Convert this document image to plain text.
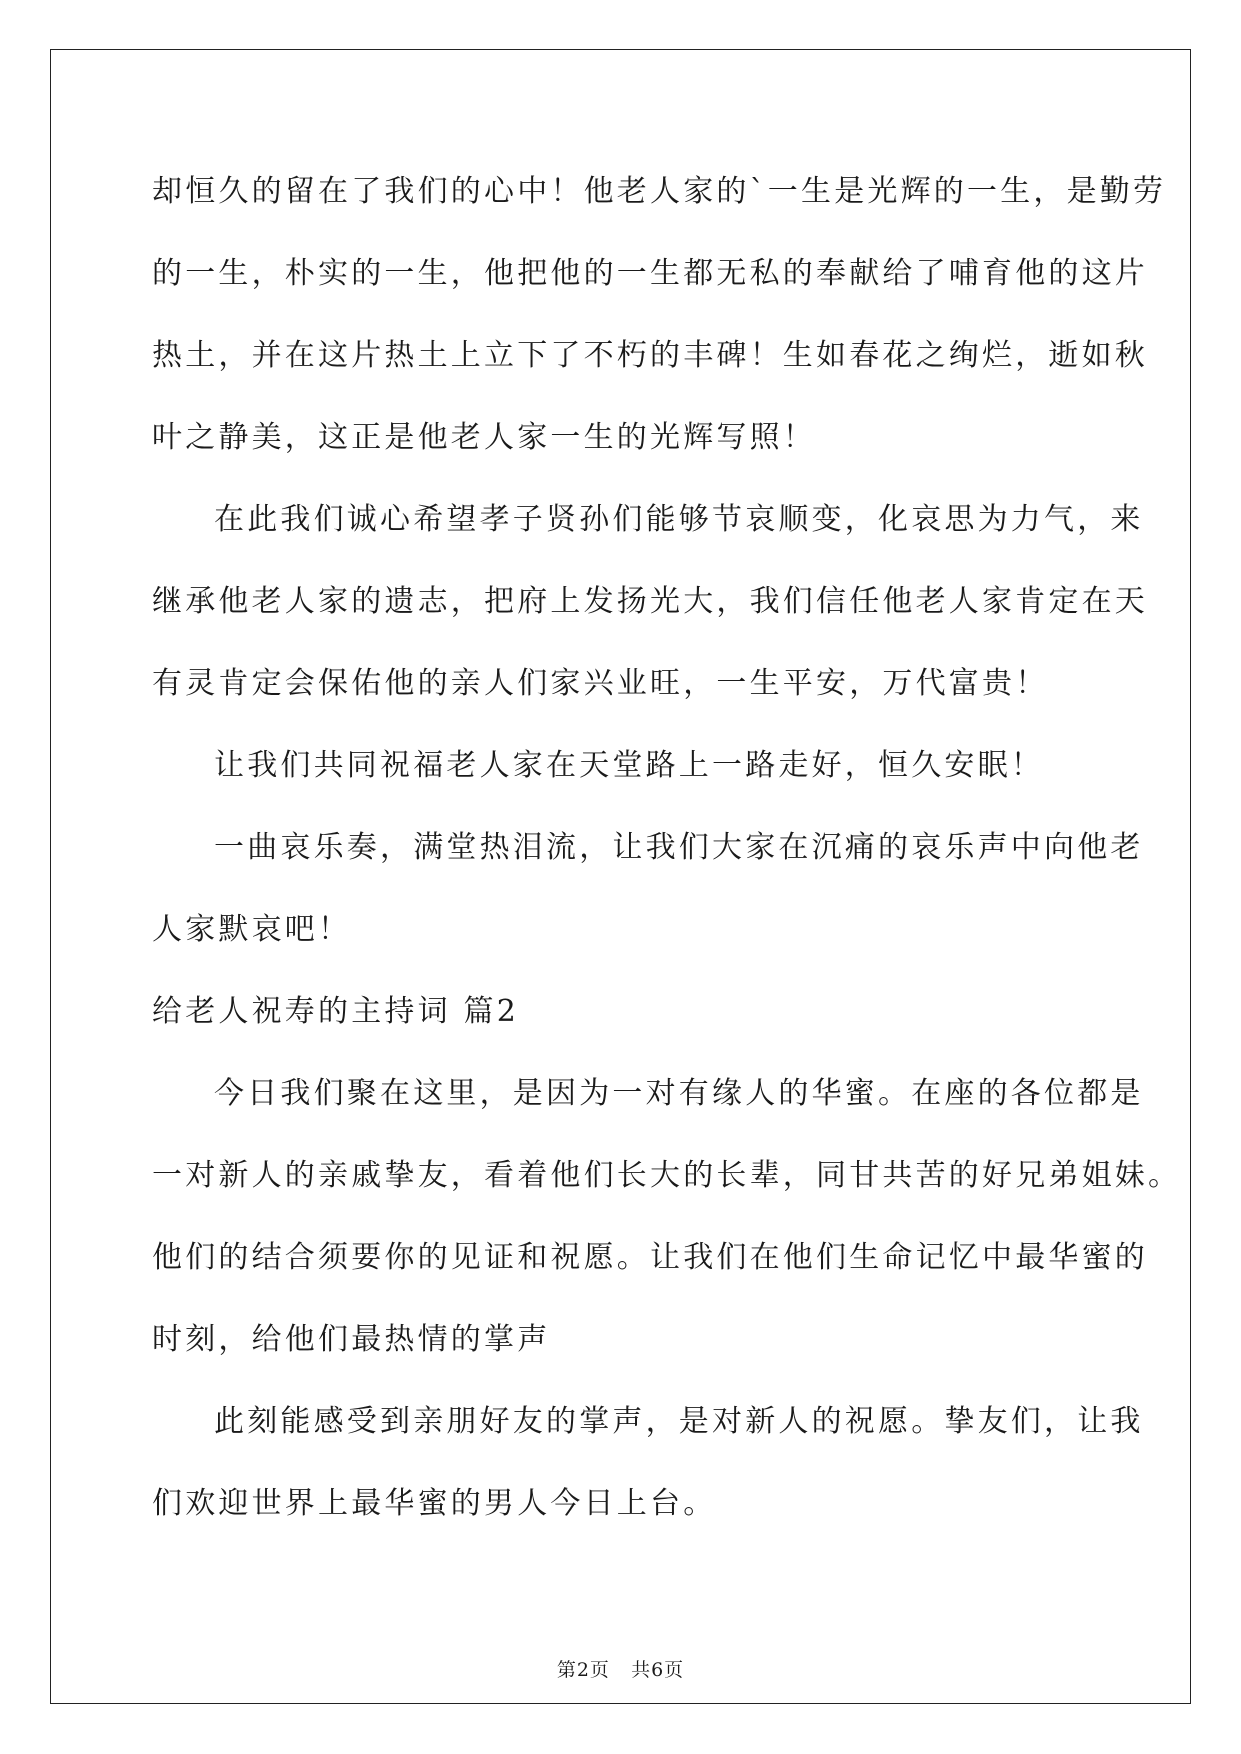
却恒久的留在了我们的心中！他老人家的`一生是光辉的一生，是勤劳
的一生，朴实的一生，他把他的一生都无私的奉献给了哺育他的这片
热土，并在这片热土上立下了不朽的丰碑！生如春花之绚烂，逝如秋
叶之静美，这正是他老人家一生的光辉写照！
在此我们诚心希望孝子贤孙们能够节哀顺变，化哀思为力气，来
继承他老人家的遗志，把府上发扬光大，我们信任他老人家肯定在天
有灵肯定会保佑他的亲人们家兴业旺，一生平安，万代富贵！
让我们共同祝福老人家在天堂路上一路走好，恒久安眠！
一曲哀乐奏，满堂热泪流，让我们大家在沉痛的哀乐声中向他老
人家默哀吧！
给老人祝寿的主持词 篇2
今日我们聚在这里，是因为一对有缘人的华蜜。在座的各位都是
一对新人的亲戚挚友，看着他们长大的长辈，同甘共苦的好兄弟姐妹。
他们的结合须要你的见证和祝愿。让我们在他们生命记忆中最华蜜的
时刻，给他们最热情的掌声
此刻能感受到亲朋好友的掌声，是对新人的祝愿。挚友们，让我
们欢迎世界上最华蜜的男人今日上台。
第2页 共6页
